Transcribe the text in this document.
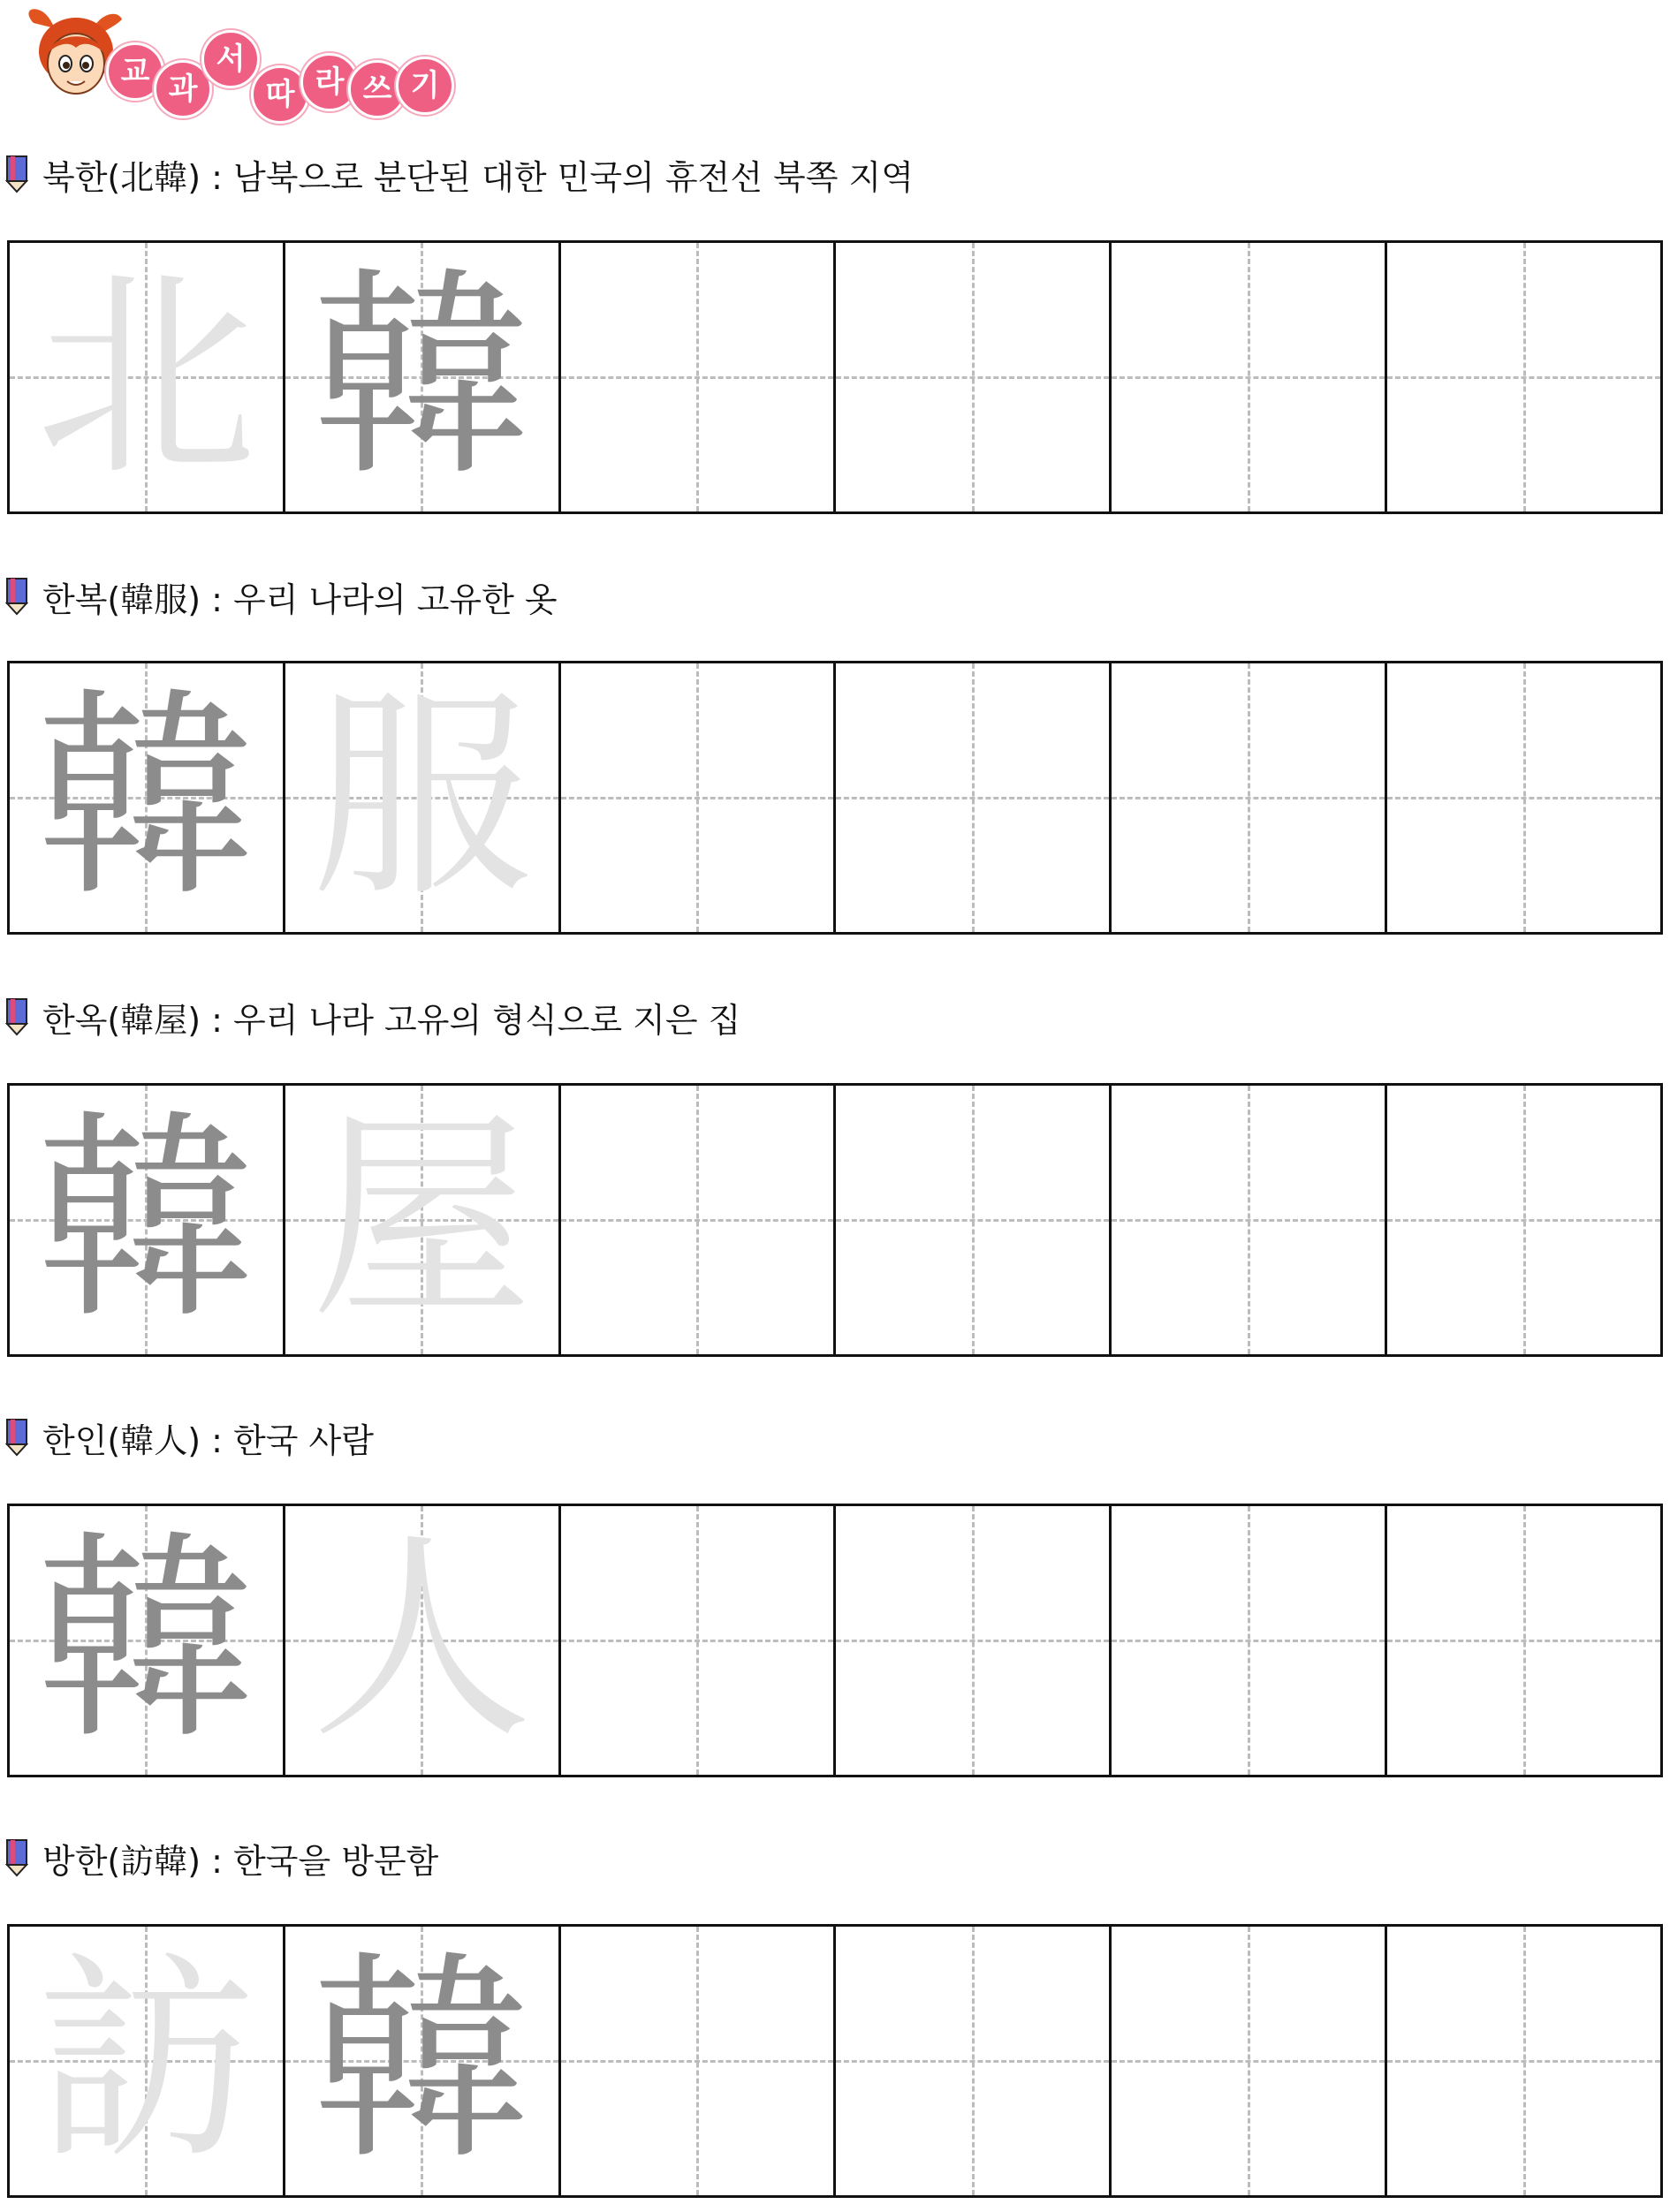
교 과
서
따 라 쓰 기
북한(北韓) : 남북으로 분단된 대한 민국의 휴전선 북쪽 지역
北 韓
한복(韓服) : 우리 나라의 고유한 옷
韓 服
한옥(韓屋) : 우리 나라 고유의 형식으로 지은 집
韓 屋
한인(韓人) : 한국 사람
韓 人
방한(訪韓) : 한국을 방문함
訪 韓
